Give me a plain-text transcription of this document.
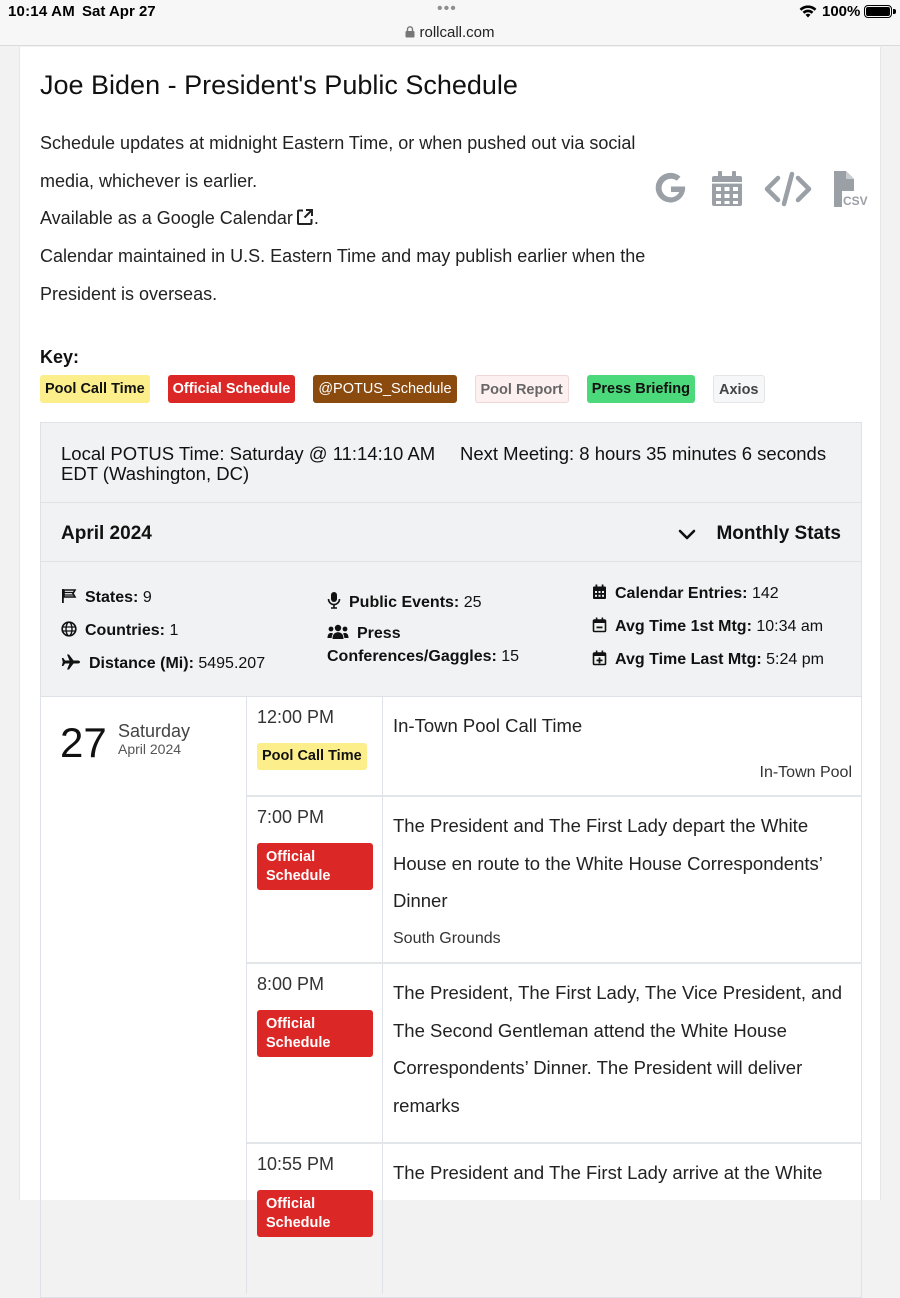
10:14 AM Sat Apr 27	•••	100%
rollcall.com
Joe Biden - President's Public Schedule
Schedule updates at midnight Eastern Time, or when pushed out via social media, whichever is earlier.
Available as a Google Calendar .
Calendar maintained in U.S. Eastern Time and may publish earlier when the President is overseas.
CSV
Key:
Pool Call Time	Official Schedule	@POTUS_Schedule	Pool Report	Press Briefing	Axios
Local POTUS Time: Saturday @ 11:14:10 AM EDT (Washington, DC)
Next Meeting: 8 hours 35 minutes 6 seconds
April 2024	Monthly Stats
States: 9
Countries: 1
Distance (Mi): 5495.207
Public Events: 25
Press
Conferences/Gaggles: 15
Calendar Entries: 142
Avg Time 1st Mtg: 10:34 am
Avg Time Last Mtg: 5:24 pm
27 Saturday
April 2024
12:00 PM
Pool Call Time
In-Town Pool Call Time
In-Town Pool
7:00 PM
Official
Schedule
The President and The First Lady depart the White House en route to the White House Correspondents’ Dinner
South Grounds
8:00 PM
Official
Schedule
The President, The First Lady, The Vice President, and The Second Gentleman attend the White House Correspondents’ Dinner. The President will deliver remarks
10:55 PM
Official
Schedule
The President and The First Lady arrive at the White
